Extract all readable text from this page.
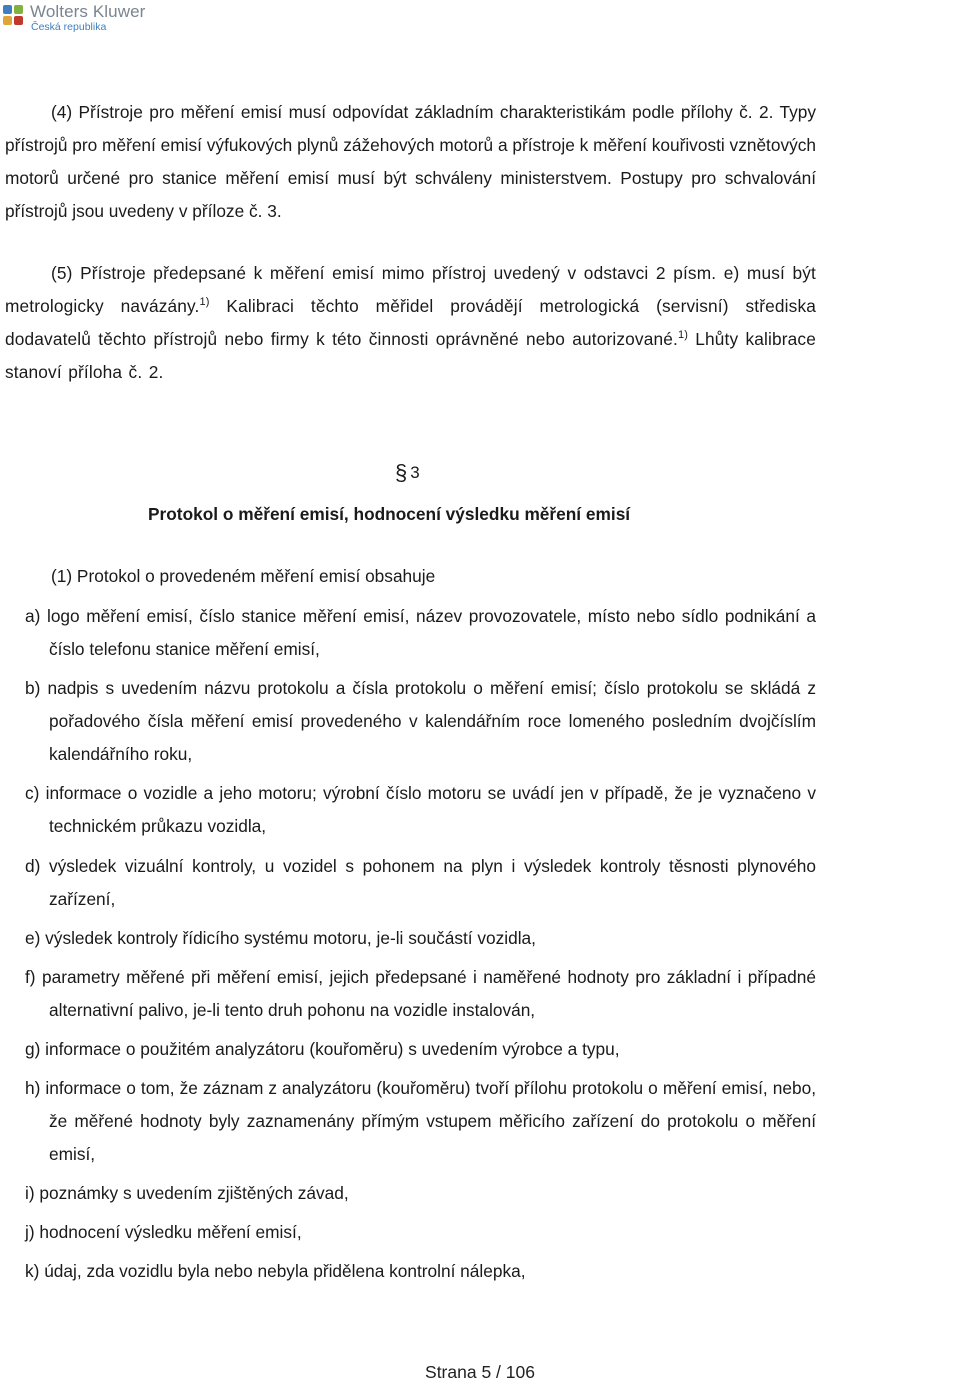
Wolters Kluwer
Česká republika

(4) Přístroje pro měření emisí musí odpovídat základním charakteristikám podle přílohy č. 2. Typy přístrojů pro měření emisí výfukových plynů zážehových motorů a přístroje k měření kouřivosti vznětových motorů určené pro stanice měření emisí musí být schváleny ministerstvem. Postupy pro schvalování přístrojů jsou uvedeny v příloze č. 3.

(5) Přístroje předepsané k měření emisí mimo přístroj uvedený v odstavci 2 písm. e) musí být metrologicky navázány.$^{1)}$ Kalibraci těchto měřidel provádějí metrologická (servisní) střediska dodavatelů těchto přístrojů nebo firmy k této činnosti oprávněné nebo autorizované.$^{1)}$ Lhůty kalibrace stanoví příloha č. 2.

§ 3
Protokol o měření emisí, hodnocení výsledku měření emisí
(1) Protokol o provedeném měření emisí obsahuje
a) logo měření emisí, číslo stanice měření emisí, název provozovatele, místo nebo sídlo podnikání a číslo telefonu stanice měření emisí,
b) nadpis s uvedením názvu protokolu a čísla protokolu o měření emisí; číslo protokolu se skládá z pořadového čísla měření emisí provedeného v kalendářním roce lomeného posledním dvojčíslím kalendářního roku,
c) informace o vozidle a jeho motoru; výrobní číslo motoru se uvádí jen v případě, že je vyznačeno v technickém průkazu vozidla,
d) výsledek vizuální kontroly, u vozidel s pohonem na plyn i výsledek kontroly těsnosti plynového zařízení,
e) výsledek kontroly řídicího systému motoru, je-li součástí vozidla,
f) parametry měřené při měření emisí, jejich předepsané i naměřené hodnoty pro základní i případné alternativní palivo, je-li tento druh pohonu na vozidle instalován,
g) informace o použitém analyzátoru (kouřoměru) s uvedením výrobce a typu,
h) informace o tom, že záznam z analyzátoru (kouřoměru) tvoří přílohu protokolu o měření emisí, nebo, že měřené hodnoty byly zaznamenány přímým vstupem měřicího zařízení do protokolu o měření emisí,
i) poznámky s uvedením zjištěných závad,
j) hodnocení výsledku měření emisí,
k) údaj, zda vozidlu byla nebo nebyla přidělena kontrolní nálepka,
Strana 5 / 106
